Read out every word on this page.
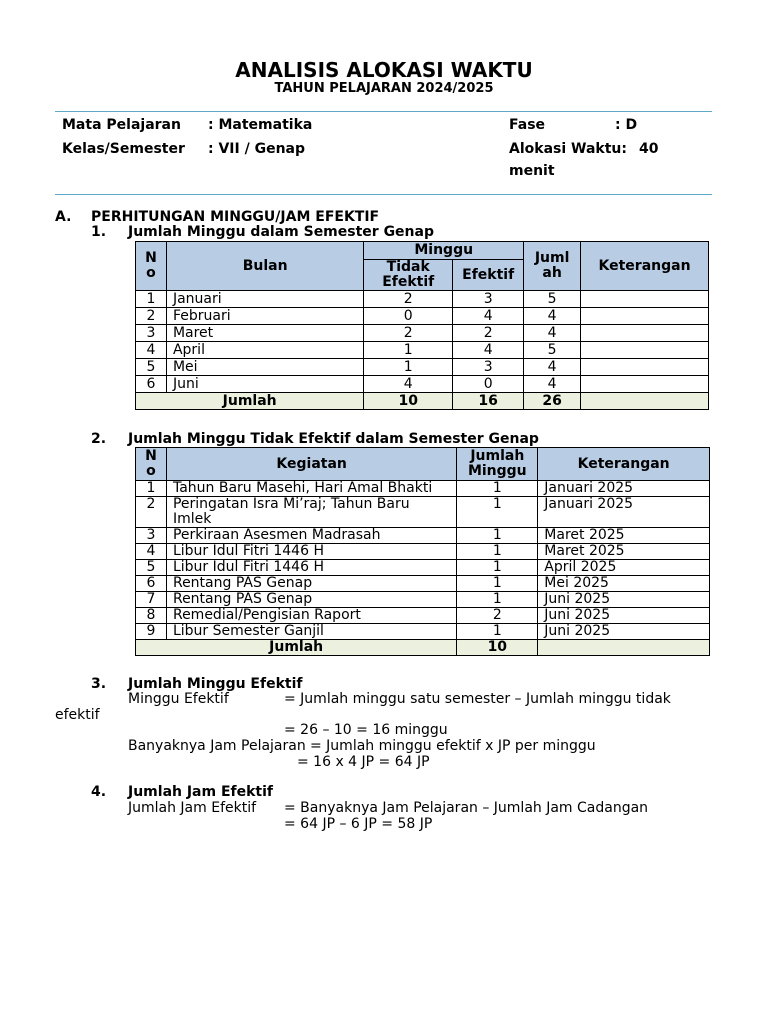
ANALISIS ALOKASI WAKTU
TAHUN PELAJARAN 2024/2025
Mata Pelajaran : Matematika
Kelas/Semester : VII / Genap
Fase	: D
Alokasi Waktu: 40
menit
A. PERHITUNGAN MINGGU/JAM EFEKTIF
1. Jumlah Minggu dalam Semester Genap
N
o	Bulan	Minggu		Juml
ah	Keterangan
		Tidak
Efektif	Efektif		
1	Januari	2	3	5	
2	Februari	0	4	4	
3	Maret	2	2	4	
4	April	1	4	5	
5	Mei	1	3	4	
6	Juni	4	0	4	
Jumlah		10	16	26	
2. Jumlah Minggu Tidak Efektif dalam Semester Genap
N
o	Kegiatan	Jumlah
Minggu	Keterangan
1	Tahun Baru Masehi, Hari Amal Bhakti	1	Januari 2025
2	Peringatan Isra Mi’raj; Tahun Baru Imlek	1	Januari 2025
3	Perkiraan Asesmen Madrasah	1	Maret 2025
4	Libur Idul Fitri 1446 H	1	Maret 2025
5	Libur Idul Fitri 1446 H	1	April 2025
6	Rentang PAS Genap	1	Mei 2025
7	Rentang PAS Genap	1	Juni 2025
8	Remedial/Pengisian Raport	2	Juni 2025
9	Libur Semester Ganjil	1	Juni 2025
Jumlah		10	
3. Jumlah Minggu Efektif
Minggu Efektif	= Jumlah minggu satu semester – Jumlah minggu tidak
efektif
= 26 – 10 = 16 minggu
Banyaknya Jam Pelajaran = Jumlah minggu efektif x JP per minggu
= 16 x 4 JP = 64 JP
4. Jumlah Jam Efektif
Jumlah Jam Efektif = Banyaknya Jam Pelajaran – Jumlah Jam Cadangan
= 64 JP – 6 JP = 58 JP
